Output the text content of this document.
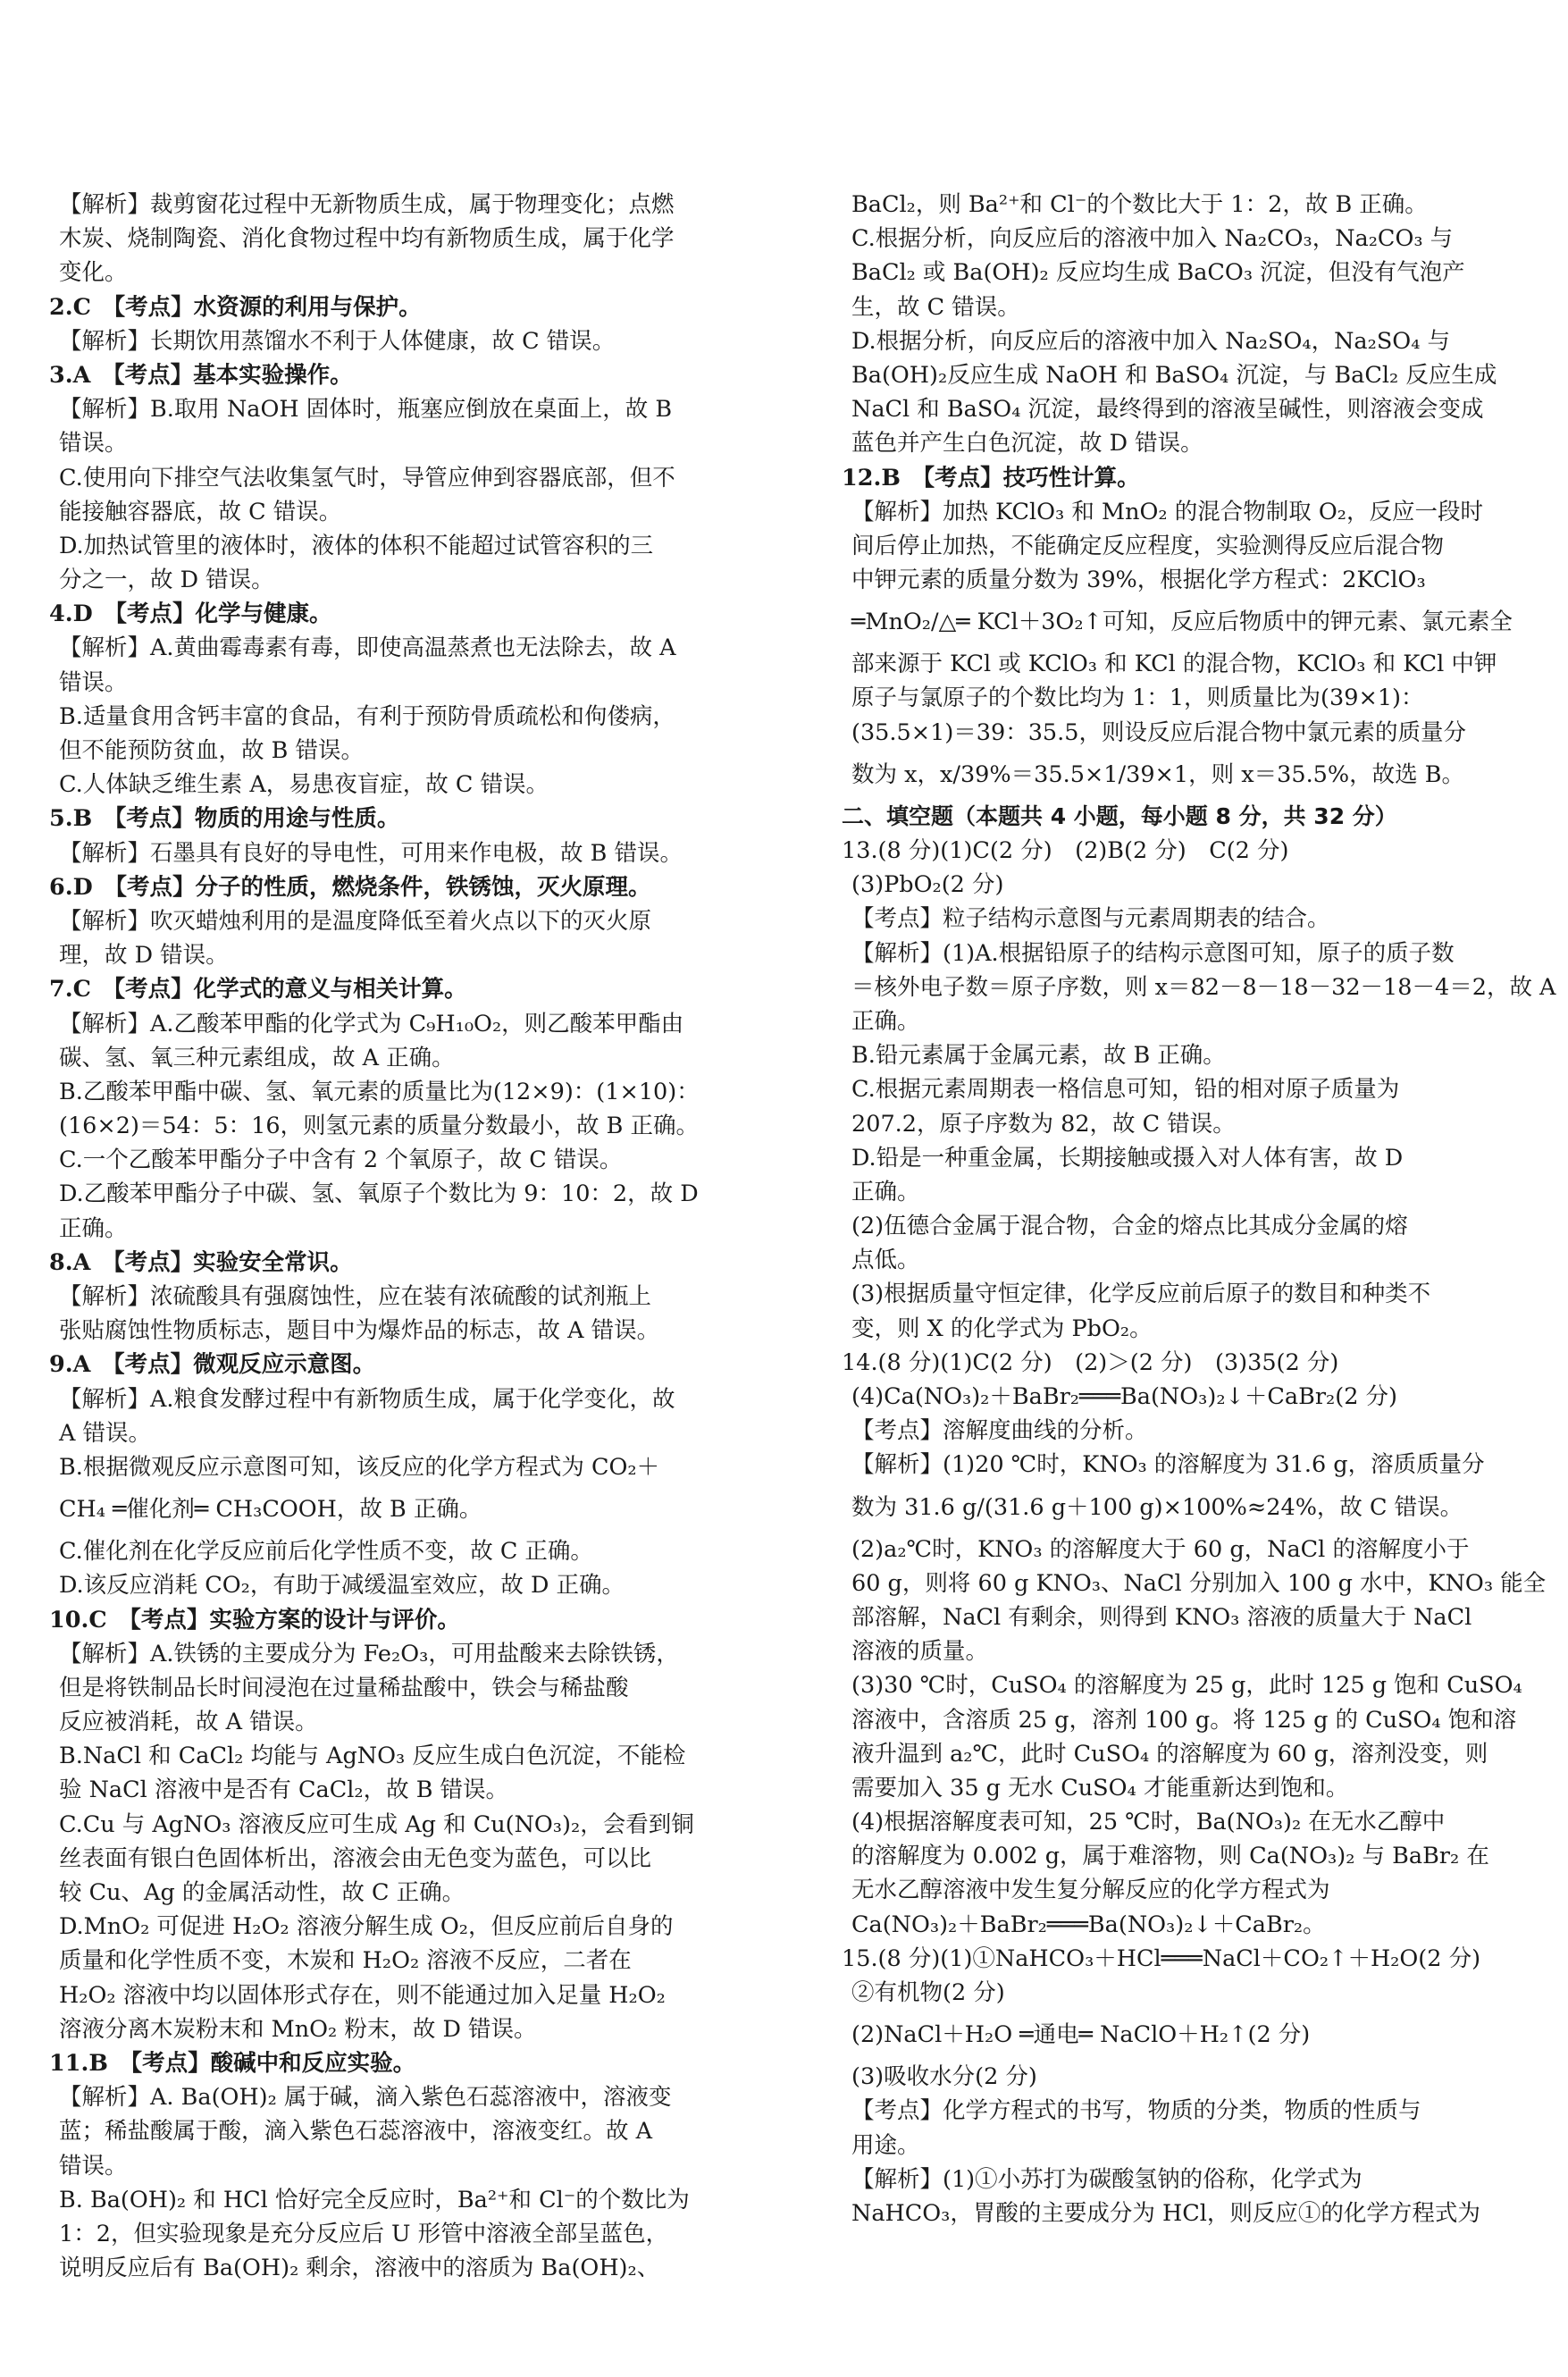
【解析】裁剪窗花过程中无新物质生成，属于物理变化；点燃
木炭、烧制陶瓷、消化食物过程中均有新物质生成，属于化学
变化。
2.C　【考点】水资源的利用与保护。
【解析】长期饮用蒸馏水不利于人体健康，故 C 错误。
3.A　【考点】基本实验操作。
【解析】B.取用 NaOH 固体时，瓶塞应倒放在桌面上，故 B
错误。
C.使用向下排空气法收集氢气时，导管应伸到容器底部，但不
能接触容器底，故 C 错误。
D.加热试管里的液体时，液体的体积不能超过试管容积的三
分之一，故 D 错误。
4.D　【考点】化学与健康。
【解析】A.黄曲霉毒素有毒，即使高温蒸煮也无法除去，故 A
错误。
B.适量食用含钙丰富的食品，有利于预防骨质疏松和佝偻病，
但不能预防贫血，故 B 错误。
C.人体缺乏维生素 A，易患夜盲症，故 C 错误。
5.B　【考点】物质的用途与性质。
【解析】石墨具有良好的导电性，可用来作电极，故 B 错误。
6.D　【考点】分子的性质，燃烧条件，铁锈蚀，灭火原理。
【解析】吹灭蜡烛利用的是温度降低至着火点以下的灭火原
理，故 D 错误。
7.C　【考点】化学式的意义与相关计算。
【解析】A.乙酸苯甲酯的化学式为 C₉H₁₀O₂，则乙酸苯甲酯由
碳、氢、氧三种元素组成，故 A 正确。
B.乙酸苯甲酯中碳、氢、氧元素的质量比为(12×9)：(1×10)：
(16×2)＝54：5：16，则氢元素的质量分数最小，故 B 正确。
C.一个乙酸苯甲酯分子中含有 2 个氧原子，故 C 错误。
D.乙酸苯甲酯分子中碳、氢、氧原子个数比为 9：10：2，故 D
正确。
8.A　【考点】实验安全常识。
【解析】浓硫酸具有强腐蚀性，应在装有浓硫酸的试剂瓶上
张贴腐蚀性物质标志，题目中为爆炸品的标志，故 A 错误。
9.A　【考点】微观反应示意图。
【解析】A.粮食发酵过程中有新物质生成，属于化学变化，故
A 错误。
B.根据微观反应示意图可知，该反应的化学方程式为 CO₂＋
CH₄ ═催化剂═ CH₃COOH，故 B 正确。
C.催化剂在化学反应前后化学性质不变，故 C 正确。
D.该反应消耗 CO₂，有助于减缓温室效应，故 D 正确。
10.C　【考点】实验方案的设计与评价。
【解析】A.铁锈的主要成分为 Fe₂O₃，可用盐酸来去除铁锈，
但是将铁制品长时间浸泡在过量稀盐酸中，铁会与稀盐酸
反应被消耗，故 A 错误。
B.NaCl 和 CaCl₂ 均能与 AgNO₃ 反应生成白色沉淀，不能检
验 NaCl 溶液中是否有 CaCl₂，故 B 错误。
C.Cu 与 AgNO₃ 溶液反应可生成 Ag 和 Cu(NO₃)₂，会看到铜
丝表面有银白色固体析出，溶液会由无色变为蓝色，可以比
较 Cu、Ag 的金属活动性，故 C 正确。
D.MnO₂ 可促进 H₂O₂ 溶液分解生成 O₂，但反应前后自身的
质量和化学性质不变，木炭和 H₂O₂ 溶液不反应，二者在
H₂O₂ 溶液中均以固体形式存在，则不能通过加入足量 H₂O₂
溶液分离木炭粉末和 MnO₂ 粉末，故 D 错误。
11.B　【考点】酸碱中和反应实验。
【解析】A. Ba(OH)₂ 属于碱，滴入紫色石蕊溶液中，溶液变
蓝；稀盐酸属于酸，滴入紫色石蕊溶液中，溶液变红。故 A
错误。
B. Ba(OH)₂ 和 HCl 恰好完全反应时，Ba²⁺和 Cl⁻的个数比为
1：2，但实验现象是充分反应后 U 形管中溶液全部呈蓝色，
说明反应后有 Ba(OH)₂ 剩余，溶液中的溶质为 Ba(OH)₂、
BaCl₂，则 Ba²⁺和 Cl⁻的个数比大于 1：2，故 B 正确。
C.根据分析，向反应后的溶液中加入 Na₂CO₃，Na₂CO₃ 与
BaCl₂ 或 Ba(OH)₂ 反应均生成 BaCO₃ 沉淀，但没有气泡产
生，故 C 错误。
D.根据分析，向反应后的溶液中加入 Na₂SO₄，Na₂SO₄ 与
Ba(OH)₂反应生成 NaOH 和 BaSO₄ 沉淀，与 BaCl₂ 反应生成
NaCl 和 BaSO₄ 沉淀，最终得到的溶液呈碱性，则溶液会变成
蓝色并产生白色沉淀，故 D 错误。
12.B　【考点】技巧性计算。
【解析】加热 KClO₃ 和 MnO₂ 的混合物制取 O₂，反应一段时
间后停止加热，不能确定反应程度，实验测得反应后混合物
中钾元素的质量分数为 39%，根据化学方程式：2KClO₃
═MnO₂/△═ KCl＋3O₂↑可知，反应后物质中的钾元素、氯元素全
部来源于 KCl 或 KClO₃ 和 KCl 的混合物，KClO₃ 和 KCl 中钾
原子与氯原子的个数比均为 1：1，则质量比为(39×1)：
(35.5×1)＝39：35.5，则设反应后混合物中氯元素的质量分
数为 x，x/39%＝35.5×1/39×1，则 x＝35.5%，故选 B。
二、填空题（本题共 4 小题，每小题 8 分，共 32 分）
13.(8 分)(1)C(2 分)　(2)B(2 分)　C(2 分)
(3)PbO₂(2 分)
【考点】粒子结构示意图与元素周期表的结合。
【解析】(1)A.根据铅原子的结构示意图可知，原子的质子数
＝核外电子数＝原子序数，则 x＝82－8－18－32－18－4＝2，故 A
正确。
B.铅元素属于金属元素，故 B 正确。
C.根据元素周期表一格信息可知，铅的相对原子质量为
207.2，原子序数为 82，故 C 错误。
D.铅是一种重金属，长期接触或摄入对人体有害，故 D
正确。
(2)伍德合金属于混合物，合金的熔点比其成分金属的熔
点低。
(3)根据质量守恒定律，化学反应前后原子的数目和种类不
变，则 X 的化学式为 PbO₂。
14.(8 分)(1)C(2 分)　(2)＞(2 分)　(3)35(2 分)
(4)Ca(NO₃)₂＋BaBr₂═══Ba(NO₃)₂↓＋CaBr₂(2 分)
【考点】溶解度曲线的分析。
【解析】(1)20 ℃时，KNO₃ 的溶解度为 31.6 g，溶质质量分
数为 31.6 g/(31.6 g＋100 g)×100%≈24%，故 C 错误。
(2)a₂℃时，KNO₃ 的溶解度大于 60 g，NaCl 的溶解度小于
60 g，则将 60 g KNO₃、NaCl 分别加入 100 g 水中，KNO₃ 能全
部溶解，NaCl 有剩余，则得到 KNO₃ 溶液的质量大于 NaCl
溶液的质量。
(3)30 ℃时，CuSO₄ 的溶解度为 25 g，此时 125 g 饱和 CuSO₄
溶液中，含溶质 25 g，溶剂 100 g。将 125 g 的 CuSO₄ 饱和溶
液升温到 a₂℃，此时 CuSO₄ 的溶解度为 60 g，溶剂没变，则
需要加入 35 g 无水 CuSO₄ 才能重新达到饱和。
(4)根据溶解度表可知，25 ℃时，Ba(NO₃)₂ 在无水乙醇中
的溶解度为 0.002 g，属于难溶物，则 Ca(NO₃)₂ 与 BaBr₂ 在
无水乙醇溶液中发生复分解反应的化学方程式为
Ca(NO₃)₂＋BaBr₂═══Ba(NO₃)₂↓＋CaBr₂。
15.(8 分)(1)①NaHCO₃＋HCl═══NaCl＋CO₂↑＋H₂O(2 分)
②有机物(2 分)
(2)NaCl＋H₂O ═通电═ NaClO＋H₂↑(2 分)
(3)吸收水分(2 分)
【考点】化学方程式的书写，物质的分类，物质的性质与
用途。
【解析】(1)①小苏打为碳酸氢钠的俗称，化学式为
NaHCO₃，胃酸的主要成分为 HCl，则反应①的化学方程式为
